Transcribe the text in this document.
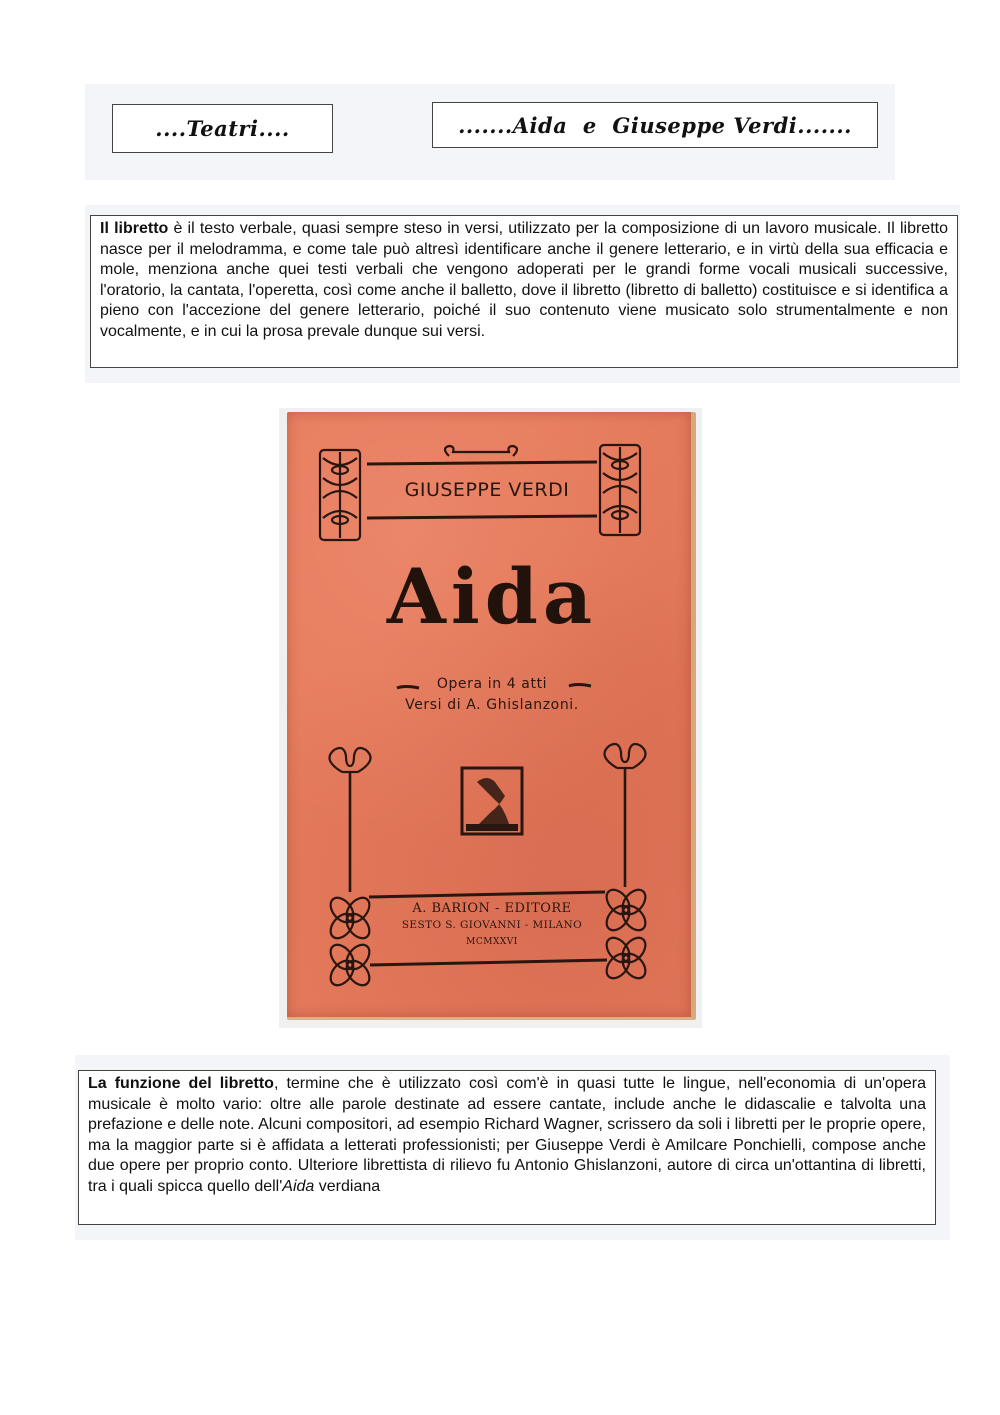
....Teatri....	.......Aida  e  Giuseppe Verdi.......

Il libretto è il testo verbale, quasi sempre steso in versi, utilizzato per la composizione di un lavoro musicale. Il libretto nasce per il melodramma, e come tale può altresì identificare anche il genere letterario, e in virtù della sua efficacia e mole, menziona anche quei testi verbali che vengono adoperati per le grandi forme vocali musicali successive, l'oratorio, la cantata, l'operetta, così come anche il balletto, dove il libretto (libretto di balletto) costituisce e si identifica a pieno con l'accezione del genere letterario, poiché il suo contenuto viene musicato solo strumentalmente e non vocalmente, e in cui la prosa prevale dunque sui versi.

GIUSEPPE VERDI
Aida
Opera in 4 atti
Versi di A. Ghislanzoni.
A. BARION - EDITORE
SESTO S. GIOVANNI - MILANO
MCMXXVI

La funzione del libretto, termine che è utilizzato così com'è in quasi tutte le lingue, nell'economia di un'opera musicale è molto vario: oltre alle parole destinate ad essere cantate, include anche le didascalie e talvolta una prefazione e delle note. Alcuni compositori, ad esempio Richard Wagner, scrissero da soli i libretti per le proprie opere, ma la maggior parte si è affidata a letterati professionisti; per Giuseppe Verdi è Amilcare Ponchielli, compose anche due opere per proprio conto. Ulteriore librettista di rilievo fu Antonio Ghislanzoni, autore di circa un'ottantina di libretti, tra i quali spicca quello dell'Aida verdiana
